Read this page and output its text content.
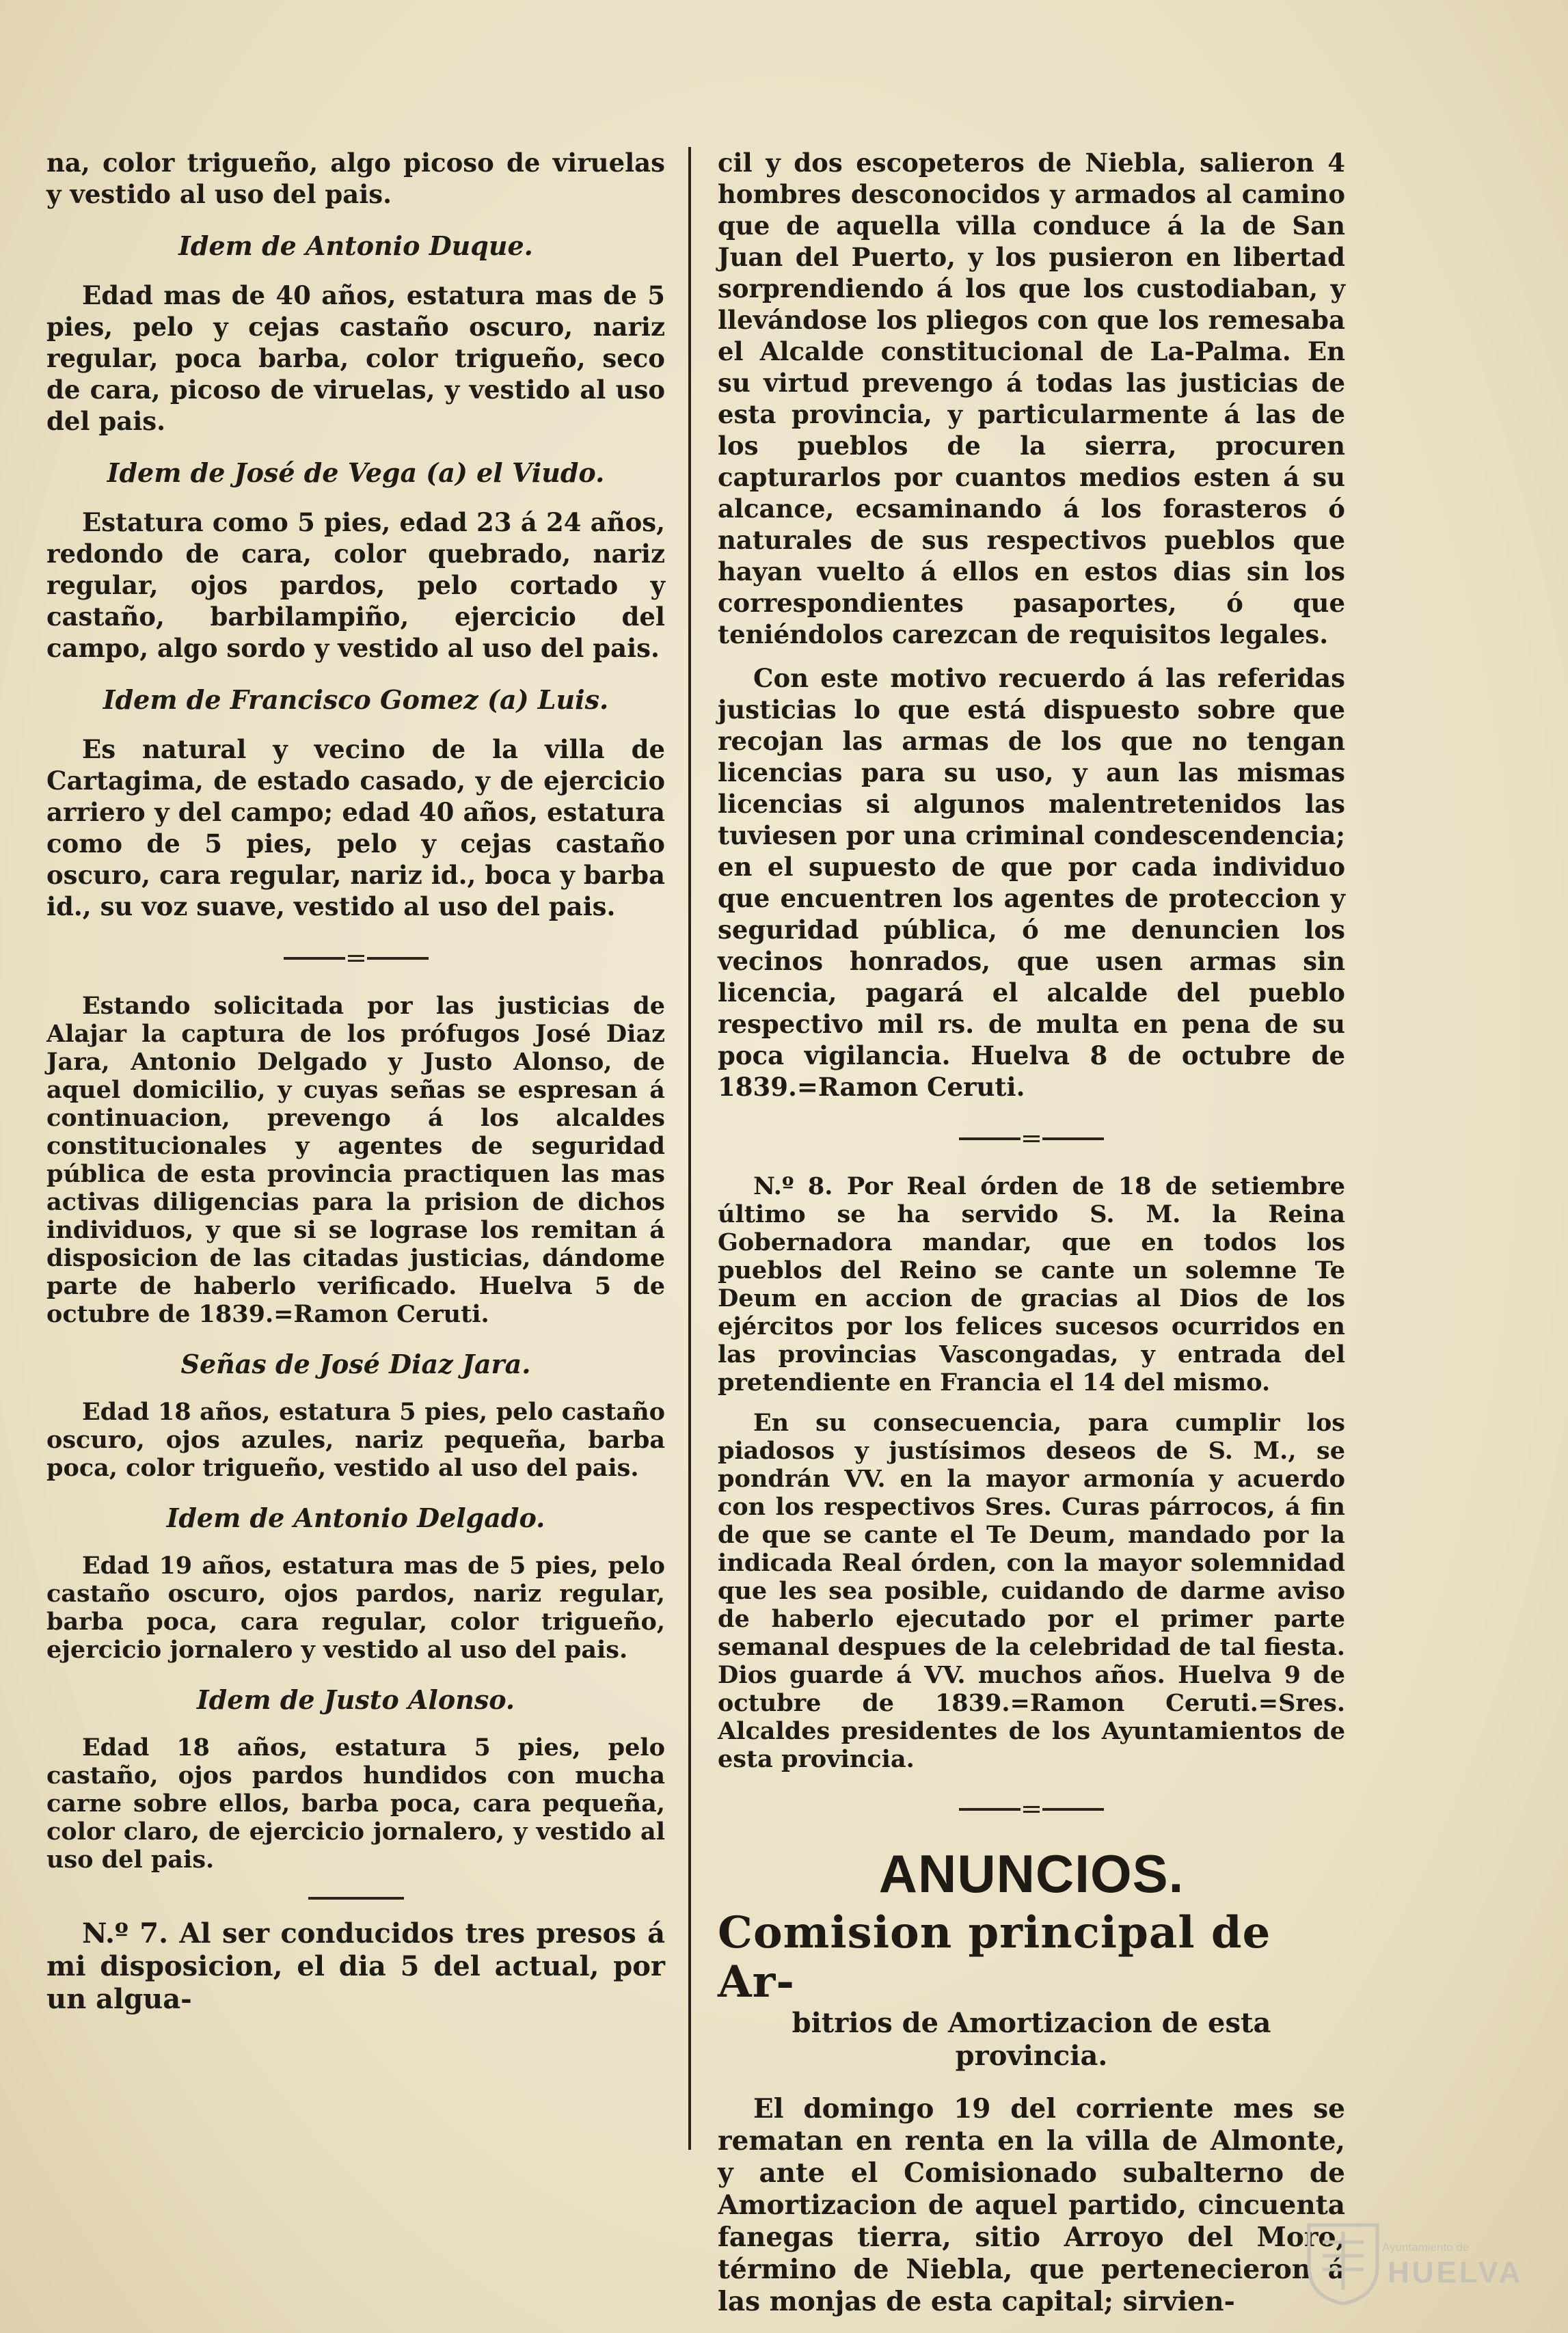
na, color trigueño, algo picoso de viruelas y vestido al uso del pais.

Idem de Antonio Duque.

Edad mas de 40 años, estatura mas de 5 pies, pelo y cejas castaño oscuro, nariz regular, poca barba, color trigueño, seco de cara, picoso de viruelas, y vestido al uso del pais.

Idem de José de Vega (a) el Viudo.

Estatura como 5 pies, edad 23 á 24 años, redondo de cara, color quebrado, nariz regular, ojos pardos, pelo cortado y castaño, barbilampiño, ejercicio del campo, algo sordo y vestido al uso del pais.

Idem de Francisco Gomez (a) Luis.

Es natural y vecino de la villa de Cartagima, de estado casado, y de ejercicio arriero y del campo; edad 40 años, estatura como de 5 pies, pelo y cejas castaño oscuro, cara regular, nariz id., boca y barba id., su voz suave, vestido al uso del pais.

Estando solicitada por las justicias de Alajar la captura de los prófugos José Diaz Jara, Antonio Delgado y Justo Alonso, de aquel domicilio, y cuyas señas se espresan á continuacion, prevengo á los alcaldes constitucionales y agentes de seguridad pública de esta provincia practiquen las mas activas diligencias para la prision de dichos individuos, y que si se lograse los remitan á disposicion de las citadas justicias, dándome parte de haberlo verificado. Huelva 5 de octubre de 1839.=Ramon Ceruti.

Señas de José Diaz Jara.

Edad 18 años, estatura 5 pies, pelo castaño oscuro, ojos azules, nariz pequeña, barba poca, color trigueño, vestido al uso del pais.

Idem de Antonio Delgado.

Edad 19 años, estatura mas de 5 pies, pelo castaño oscuro, ojos pardos, nariz regular, barba poca, cara regular, color trigueño, ejercicio jornalero y vestido al uso del pais.

Idem de Justo Alonso.

Edad 18 años, estatura 5 pies, pelo castaño, ojos pardos hundidos con mucha carne sobre ellos, barba poca, cara pequeña, color claro, de ejercicio jornalero, y vestido al uso del pais.

N.º 7. Al ser conducidos tres presos á mi disposicion, el dia 5 del actual, por un algua-

cil y dos escopeteros de Niebla, salieron 4 hombres desconocidos y armados al camino que de aquella villa conduce á la de San Juan del Puerto, y los pusieron en libertad sorprendiendo á los que los custodiaban, y llevándose los pliegos con que los remesaba el Alcalde constitucional de La-Palma. En su virtud prevengo á todas las justicias de esta provincia, y particularmente á las de los pueblos de la sierra, procuren capturarlos por cuantos medios esten á su alcance, ecsaminando á los forasteros ó naturales de sus respectivos pueblos que hayan vuelto á ellos en estos dias sin los correspondientes pasaportes, ó que teniéndolos carezcan de requisitos legales.

Con este motivo recuerdo á las referidas justicias lo que está dispuesto sobre que recojan las armas de los que no tengan licencias para su uso, y aun las mismas licencias si algunos malentretenidos las tuviesen por una criminal condescendencia; en el supuesto de que por cada individuo que encuentren los agentes de proteccion y seguridad pública, ó me denuncien los vecinos honrados, que usen armas sin licencia, pagará el alcalde del pueblo respectivo mil rs. de multa en pena de su poca vigilancia. Huelva 8 de octubre de 1839.=Ramon Ceruti.

N.º 8. Por Real órden de 18 de setiembre último se ha servido S. M. la Reina Gobernadora mandar, que en todos los pueblos del Reino se cante un solemne Te Deum en accion de gracias al Dios de los ejércitos por los felices sucesos ocurridos en las provincias Vascongadas, y entrada del pretendiente en Francia el 14 del mismo.

En su consecuencia, para cumplir los piadosos y justísimos deseos de S. M., se pondrán VV. en la mayor armonía y acuerdo con los respectivos Sres. Curas párrocos, á fin de que se cante el Te Deum, mandado por la indicada Real órden, con la mayor solemnidad que les sea posible, cuidando de darme aviso de haberlo ejecutado por el primer parte semanal despues de la celebridad de tal fiesta. Dios guarde á VV. muchos años. Huelva 9 de octubre de 1839.=Ramon Ceruti.=Sres. Alcaldes presidentes de los Ayuntamientos de esta provincia.

ANUNCIOS.
Comision principal de Ar-
bitrios de Amortizacion de esta provincia.

El domingo 19 del corriente mes se rematan en renta en la villa de Almonte, y ante el Comisionado subalterno de Amortizacion de aquel partido, cincuenta fanegas tierra, sitio Arroyo del Moro, término de Niebla, que pertenecieron á las monjas de esta capital; sirvien-

Ayuntamiento de
HUELVA
